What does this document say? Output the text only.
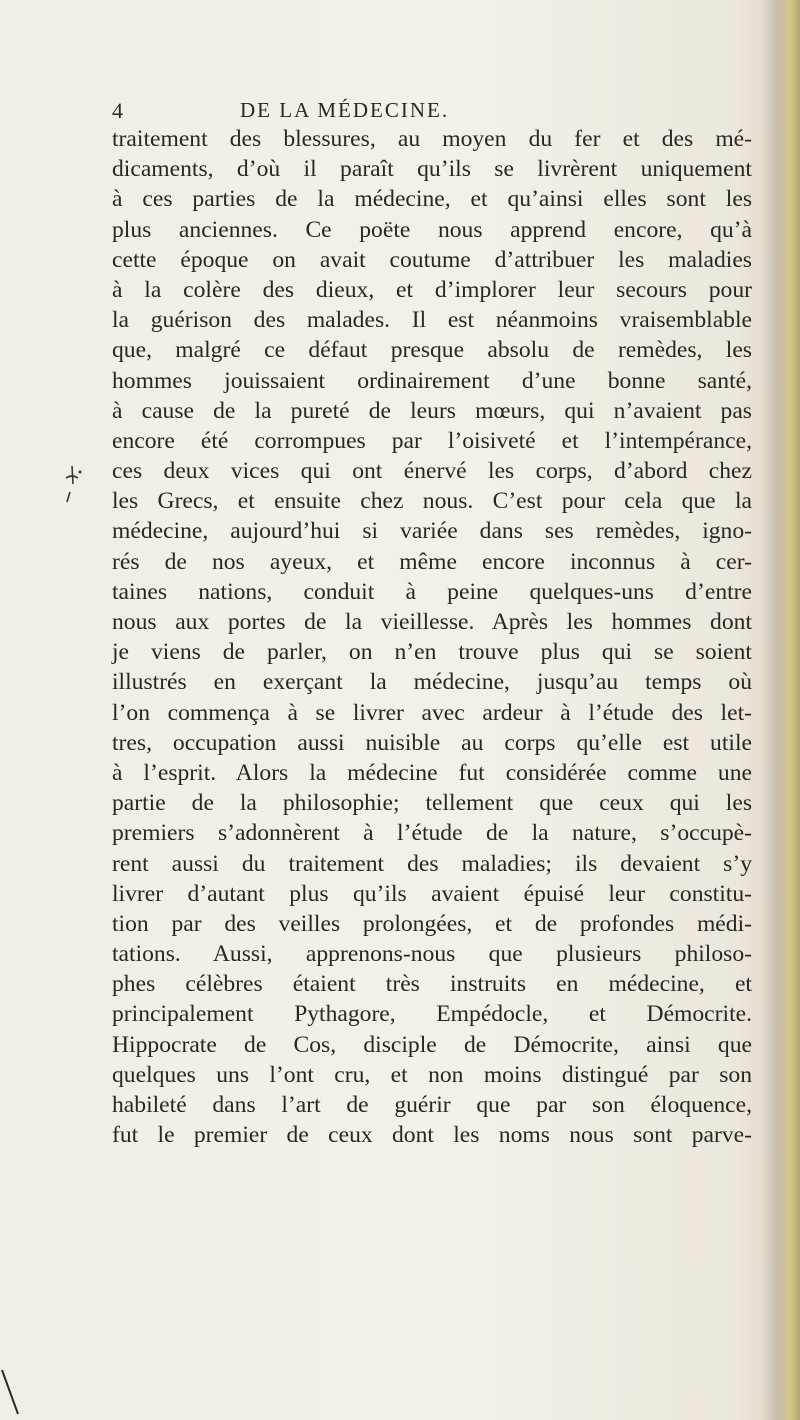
4	DE LA MÉDECINE.
traitement des blessures, au moyen du fer et des mé-
dicaments, d’où il paraît qu’ils se livrèrent uniquement
à ces parties de la médecine, et qu’ainsi elles sont les
plus anciennes. Ce poëte nous apprend encore, qu’à
cette époque on avait coutume d’attribuer les maladies
à la colère des dieux, et d’implorer leur secours pour
la guérison des malades. Il est néanmoins vraisemblable
que, malgré ce défaut presque absolu de remèdes, les
hommes jouissaient ordinairement d’une bonne santé,
à cause de la pureté de leurs mœurs, qui n’avaient pas
encore été corrompues par l’oisiveté et l’intempérance,
ces deux vices qui ont énervé les corps, d’abord chez
les Grecs, et ensuite chez nous. C’est pour cela que la
médecine, aujourd’hui si variée dans ses remèdes, igno-
rés de nos ayeux, et même encore inconnus à cer-
taines nations, conduit à peine quelques-uns d’entre
nous aux portes de la vieillesse. Après les hommes dont
je viens de parler, on n’en trouve plus qui se soient
illustrés en exerçant la médecine, jusqu’au temps où
l’on commença à se livrer avec ardeur à l’étude des let-
tres, occupation aussi nuisible au corps qu’elle est utile
à l’esprit. Alors la médecine fut considérée comme une
partie de la philosophie; tellement que ceux qui les
premiers s’adonnèrent à l’étude de la nature, s’occupè-
rent aussi du traitement des maladies; ils devaient s’y
livrer d’autant plus qu’ils avaient épuisé leur constitu-
tion par des veilles prolongées, et de profondes médi-
tations. Aussi, apprenons-nous que plusieurs philoso-
phes célèbres étaient très instruits en médecine, et
principalement Pythagore, Empédocle, et Démocrite.
Hippocrate de Cos, disciple de Démocrite, ainsi que
quelques uns l’ont cru, et non moins distingué par son
habileté dans l’art de guérir que par son éloquence,
fut le premier de ceux dont les noms nous sont parve-
